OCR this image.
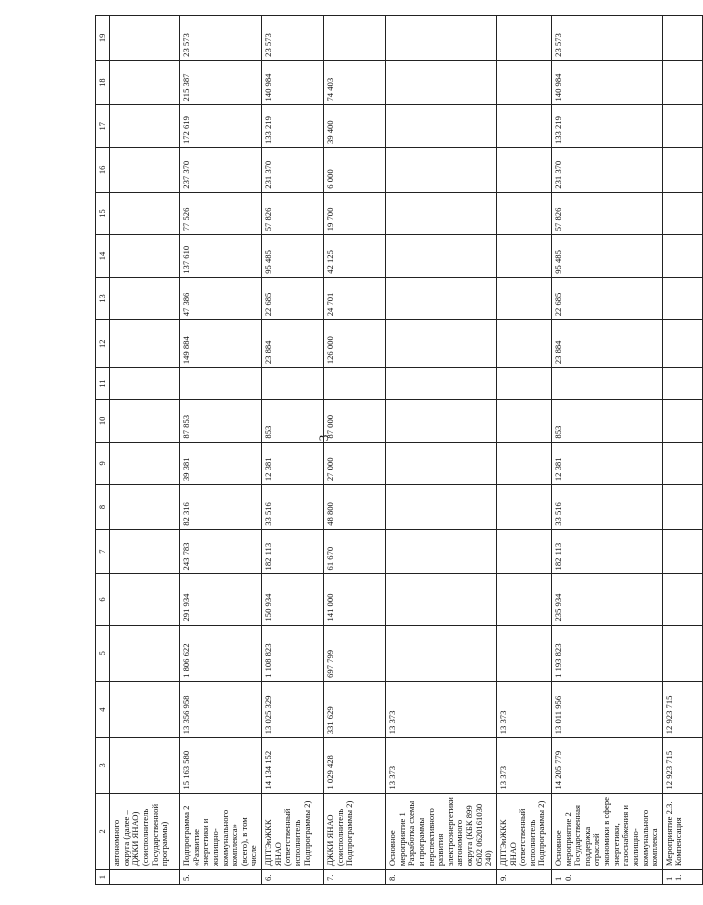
3
1	2	3	4	5	6	7	8	9	10	11	12	13	14	15	16	17	18	19
	автономного округа (далее – ДЖКИ ЯНАО) (соисполнитель Государственной программы)																	
5.	Подпрограмма 2 «Развитие энергетики и жилищно-коммунального комплекса» (всего), в том числе	15 163 580	13 356 958	1 806 622	291 934	243 783	82 316	39 381	87 853		149 884	47 386	137 610	77 526	237 370	172 619	215 387	23 573
6.	ДПТЭиЖКК ЯНАО (ответственный исполнитель Подпрограммы 2)	14 134 152	13 025 329	1 108 823	150 934	182 113	33 516	12 381	853		23 884	22 685	95 485	57 826	231 370	133 219	140 984	23 573
7.	ДЖКИ ЯНАО (соисполнитель Подпрограммы 2)	1 029 428	331 629	697 799	141 000	61 670	48 800	27 000	87 000		126 000	24 701	42 125	19 700	6 000	39 400	74 403	
8.	Основное мероприятие 1 Разработка схемы и программы перспективного развития электроэнергетики автономного округа (КБК 899 0502 0620161030 240)	13 373	13 373															
9.	ДПТЭиЖКК ЯНАО (ответственный исполнитель Подпрограммы 2)	13 373	13 373															
10.	Основное мероприятие 2 Государственная поддержка отраслей экономики в сфере энергетики, газоснабжения и жилищно-коммунального комплекса	14 205 779	13 011 956	1 193 823	235 934	182 113	33 516	12 381	853		23 884	22 685	95 485	57 826	231 370	133 219	140 984	23 573
11.	Мероприятие 2.3. Компенсация	12 923 715	12 923 715															
